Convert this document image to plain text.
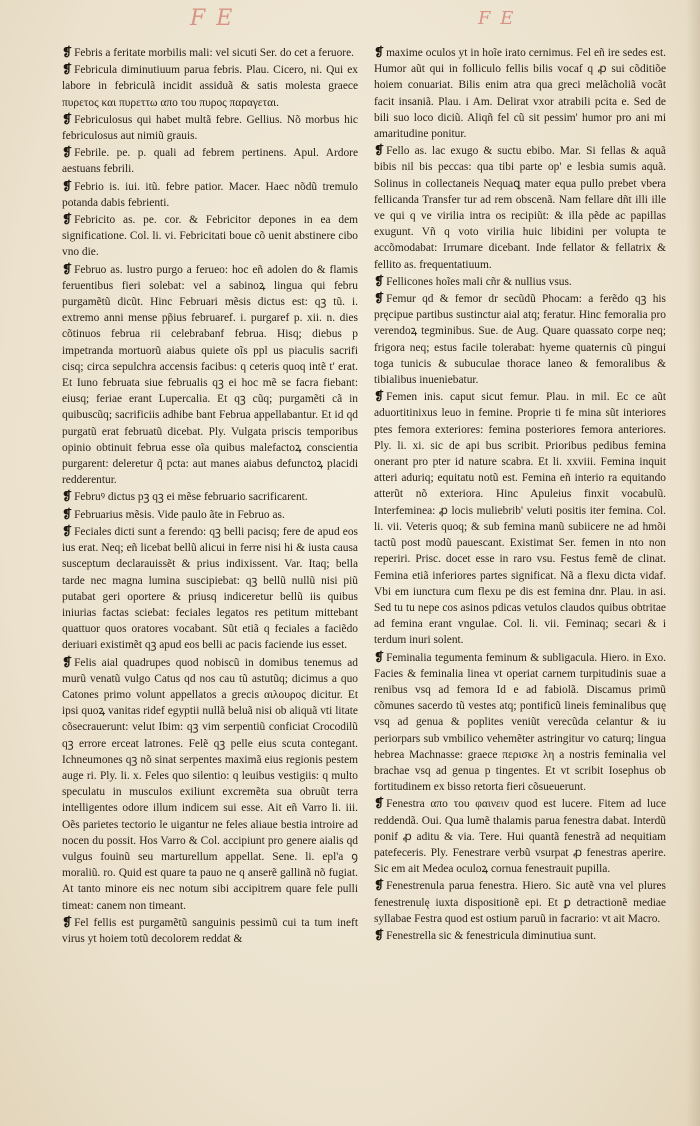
F E	F E

❡ Febris a feritate morbilis mali: vel sicuti Ser. do cet a feruore.

❡ Febricula diminutiuum parua febris. Plau. Cicero, ni. Qui ex labore in febriculã incidit assiduã & satis molesta graece πυρετος και πυρεττω απο του πυρος παραγεται.

❡ Febriculosus qui habet multã febre. Gellius. Nõ morbus hic febriculosus aut nimiũ grauis.

❡ Febrile. pe. p. quali ad febrem pertinens. Apul. Ardore aestuans febrili.

❡ Febrio is. iui. itũ. febre patior. Macer. Haec nõdũ tremulo potanda dabis febrienti.

❡ Febricito as. pe. cor. & Febricitor depones in ea dem significatione. Col. li. vi. Febricitati boue cõ uenit abstinere cibo vno die.

❡ Februo as. lustro purgo a ferueo: hoc eñ adolen do & flamis feruentibus fieri solebat: vel a sabinoꝝ lingua qui febru purgamẽtũ dicũt. Hinc Februari mẽsis dictus est: qꝫ tũ. i. extremo anni mense pp̃ius februaref. i. purgaref p. xii. n. dies cõtinuos februa rii celebrabanf februa. Hisq; diebus p impetranda mortuorũ aiabus quiete oĩs ppl us piaculis sacrifi cisq; circa sepulchra accensis facibus: q ceteris quoq intẽ t' erat. Et Iuno februata siue februalis qꝫ ei hoc mẽ se facra fiebant: eiusq; feriae erant Lupercalia. Et qꝫ cũq; purgamẽti cã in quibuscũq; sacrificiis adhibe bant Februa appellabantur. Et id qd purgatũ erat februatũ dicebat. Ply. Vulgata priscis temporibus opinio obtinuit februa esse oĩa quibus malefactoꝝ conscientia purgarent: deleretur q̃ pcta: aut manes aiabus defunctoꝝ placidi redderentur.

❡ Februꝰ dictus pꝫ qꝫ ei mẽse februario sacrificarent.

❡ Februarius mẽsis. Vide paulo ãte in Februo as.

❡ Feciales dicti sunt a ferendo: qꝫ belli pacisq; fere de apud eos ius erat. Neq; eñ licebat bellũ alicui in ferre nisi hi & iusta causa susceptum declarauissẽt & prius indixissent. Var. Itaq; bella tarde nec magna lumina suscipiebat: qꝫ bellũ nullũ nisi piũ putabat geri oportere & priusq indiceretur bellũ iis quibus iniurias factas sciebat: feciales legatos res petitum mittebant quattuor quos oratores vocabant. Sũt etiã q feciales a faciẽdo deriuari existimẽt qꝫ apud eos belli ac pacis faciende ius esset.

❡ Felis aial quadrupes quod nobiscũ in domibus tenemus ad murũ venatũ vulgo Catus qd nos cau tũ astutũq; dicimus a quo Catones primo volunt appellatos a grecis αιλουρος dicitur. Et ipsi quoꝝ vanitas ridef egyptii nullã beluã nisi ob aliquã vti litate cõsecrauerunt: velut Ibim: qꝫ vim serpentiũ conficiat Crocodilũ qꝫ errore erceat latrones. Felẽ qꝫ pelle eius scuta contegant. Ichneumones qꝫ nõ sinat serpentes maximã eius regionis pestem auge ri. Ply. li. x. Feles quo silentio: q leuibus vestigiis: q multo speculatu in musculos exiliunt excremẽta sua obruũt terra intelligentes odore illum indicem sui esse. Ait eñ Varro li. iii. Oẽs parietes tectorio le uigantur ne feles aliaue bestia introire ad nocen du possit. Hos Varro & Col. accipiunt pro genere aialis qd vulgus fouinũ seu marturellum appellat. Sene. li. epl'a ꝯ moraliũ. ro. Quid est quare ta pauo ne q anserẽ gallinã nõ fugiat. At tanto minore eis nec notum sibi accipitrem quare fele pulli timeat: canem non timeant.

❡ Fel fellis est purgamẽtũ sanguinis pessimũ cui ta tum ineft virus yt hoiem totũ decolorem reddat &

❡ maxime oculos yt in hoĩe irato cernimus. Fel eñ ire sedes est. Humor aũt qui in folliculo fellis bilis vocaf q ꝓ sui cõditiõe hoiem conuariat. Bilis enim atra qua greci melãcholiã vocãt facit insaniã. Plau. i Am. Delirat vxor atrabili pcita e. Sed de bili suo loco diciũ. Aliqñ fel cũ sit pessim' humor pro ani mi amaritudine ponitur.

❡ Fello as. lac exugo & suctu ebibo. Mar. Si fellas & aquã bibis nil bis peccas: qua tibi parte op' e lesbia sumis aquã. Solinus in collectaneis Nequaꝗ mater equa pullo prebet vbera fellicanda Transfer tur ad rem obscenã. Nam fellare dñt illi ille ve qui q ve virilia intra os recipiũt: & illa pẽde ac papillas exugunt. Vñ q voto virilia huic libidini per volupta te accõmodabat: Irrumare dicebant. Inde fellator & fellatrix & fellito as. frequentatiuum.

❡ Fellicones hoĩes mali cñr & nullius vsus.

❡ Femur qd & femor dr secũdũ Phocam: a ferẽdo qꝫ his pręcipue partibus sustinctur aial atq; feratur. Hinc femoralia pro verendoꝝ tegminibus. Sue. de Aug. Quare quassato corpe neq; frigora neq; estus facile tolerabat: hyeme quaternis cũ pingui toga tunicis & subuculae thorace laneo & femoralibus & tibialibus inueniebatur.

❡ Femen inis. caput sicut femur. Plau. in mil. Ec ce aũt aduortitinixus leuo in femine. Proprie ti fe mina sũt interiores ptes femora exteriores: femina posteriores femora anteriores. Ply. li. xi. sic de api bus scribit. Prioribus pedibus femina onerant pro pter id nature scabra. Et li. xxviii. Femina inquit atteri aduriq; equitatu notũ est. Femina eñ interio ra equitando atterũt nõ exteriora. Hinc Apuleius finxit vocabulũ. Interfeminea: ꝓ locis muliebrib' veluti positis iter femina. Col. li. vii. Veteris quoq; & sub femina manũ subiicere ne ad hmõi tactũ post modũ pauescant. Existimat Ser. femen in nto non reperiri. Prisc. docet esse in raro vsu. Festus femẽ de clinat. Femina etiã inferiores partes significat. Nã a flexu dicta vidaf. Vbi em iunctura cum flexu pe dis est femina dnr. Plau. in asi. Sed tu tu nepe cos asinos pdicas vetulos claudos quibus obtritae ad femina erant vngulae. Col. li. vii. Feminaq; secari & i terdum inuri solent.

❡ Feminalia tegumenta feminum & subligacula. Hiero. in Exo. Facies & feminalia linea vt operiat carnem turpitudinis suae a renibus vsq ad femora Id e ad fabiolã. Discamus primũ cõmunes sacerdo tũ vestes atq; pontificũ lineis feminalibus quę vsq ad genua & poplites veniũt verecũda celantur & iu periorpars sub vmbilico vehemẽter astringitur vo caturq; lingua hebrea Machnasse: graece περισκε λη a nostris feminalia vel brachae vsq ad genua p tingentes. Et vt scribit Iosephus ob fortitudinem ex bisso retorta fieri cõsueuerunt.

❡ Fenestra απο του φαινειν quod est lucere. Fitem ad luce reddendã. Oui. Qua lumẽ thalamis parua fenestra dabat. Interdũ ponif ꝓ aditu & via. Tere. Hui quantã fenestrã ad nequitiam patefeceris. Ply. Fenestrare verbũ vsurpat ꝓ fenestras aperire. Sic em ait Medea oculoꝝ cornua fenestrauit pupilla.

❡ Fenestrenula parua fenestra. Hiero. Sic autẽ vna vel plures fenestrenulę iuxta dispositionẽ epi. Et ꝑ detractionẽ mediae syllabae Festra quod est ostium paruũ in facrario: vt ait Macro.

❡ Fenestrella sic & fenestricula diminutiua sunt.
